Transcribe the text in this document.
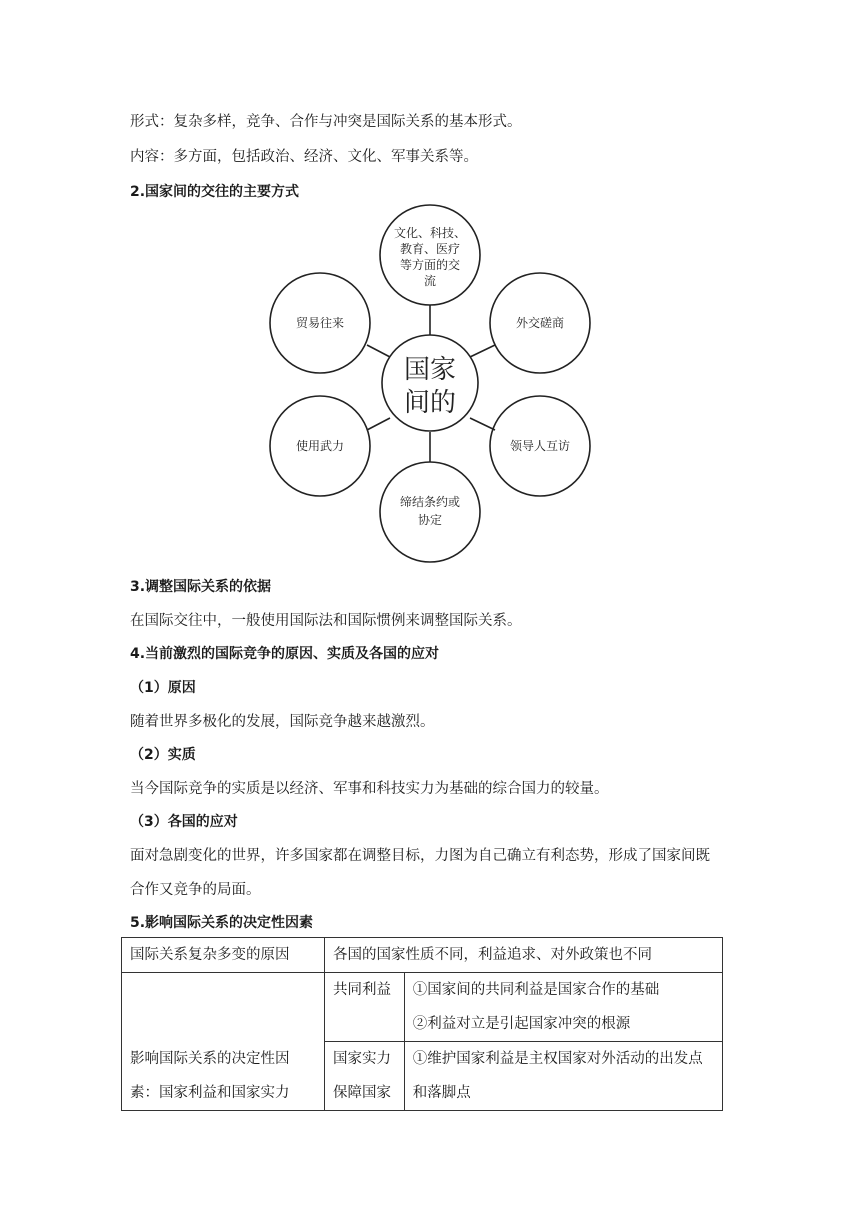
形式：复杂多样，竞争、合作与冲突是国际关系的基本形式。
内容：多方面，包括政治、经济、文化、军事关系等。
2.国家间的交往的主要方式
国家
间的
文化、科技、
教育、医疗
等方面的交
流
外交磋商
领导人互访
缔结条约或
协定
使用武力
贸易往来
3.调整国际关系的依据
在国际交往中，一般使用国际法和国际惯例来调整国际关系。
4.当前激烈的国际竞争的原因、实质及各国的应对
（1）原因
随着世界多极化的发展，国际竞争越来越激烈。
（2）实质
当今国际竞争的实质是以经济、军事和科技实力为基础的综合国力的较量。
（3）各国的应对
面对急剧变化的世界，许多国家都在调整目标，力图为自己确立有利态势，形成了国家间既
合作又竞争的局面。
5.影响国际关系的决定性因素
国际关系复杂多变的原因	各国的国家性质不同，利益追求、对外政策也不同	

影响国际关系的决定性因
素：国家利益和国家实力	共同利益	①国家间的共同利益是国家合作的基础
②利益对立是引起国家冲突的根源

	国家实力
保障国家	①维护国家利益是主权国家对外活动的出发点
和落脚点
